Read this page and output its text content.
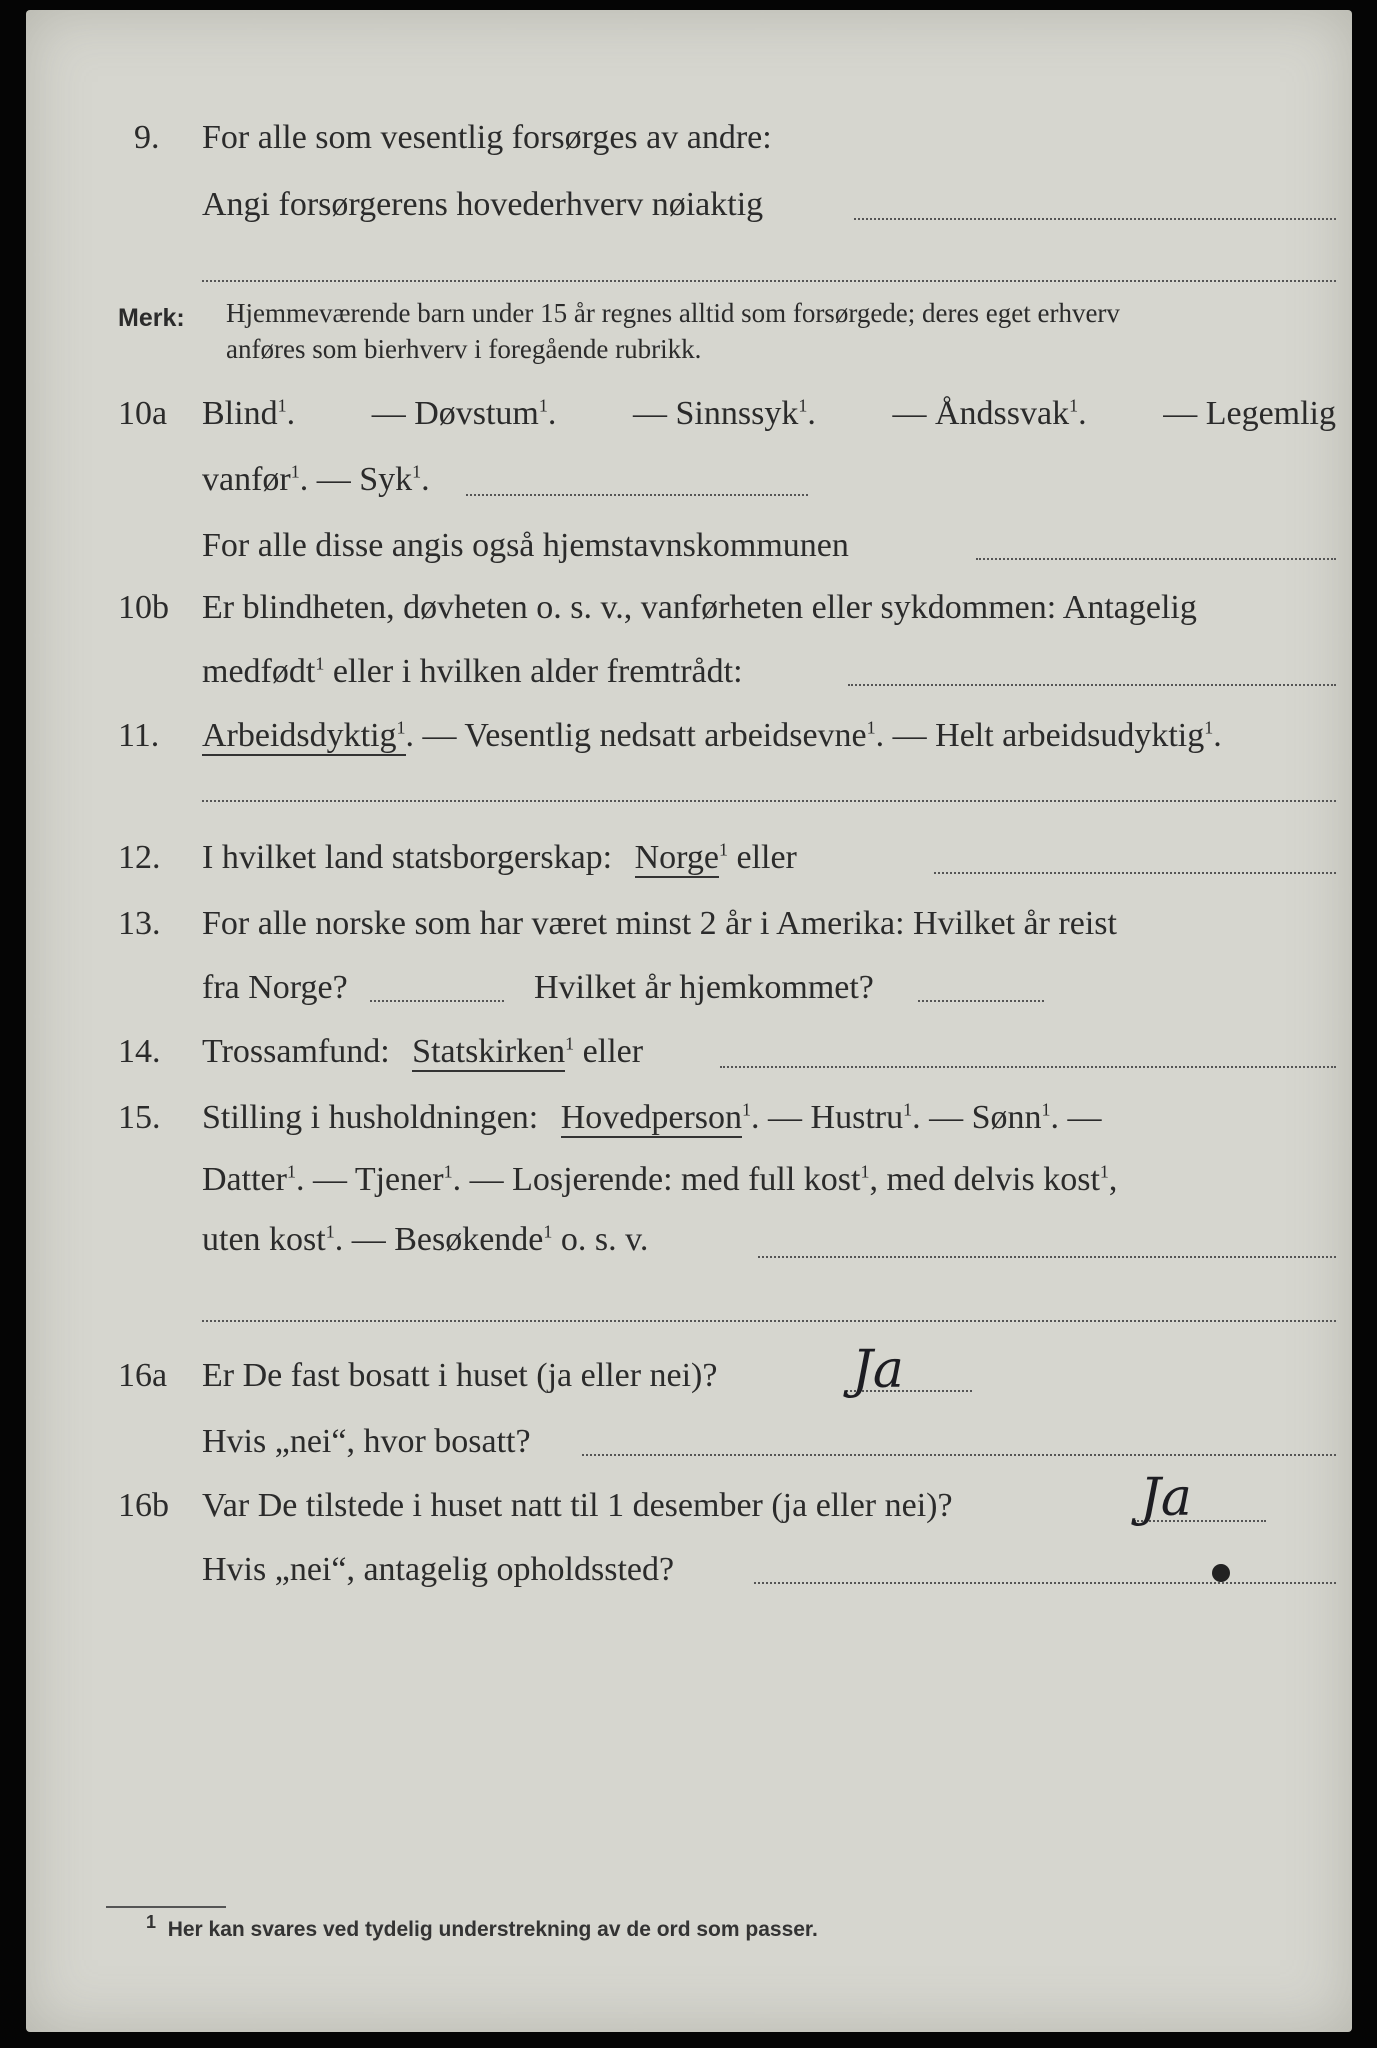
9. For alle som vesentlig forsørges av andre:
Angi forsørgerens hovederhverv nøiaktig
Merk: Hjemmeværende barn under 15 år regnes alltid som forsørgede; deres eget erhverv
anføres som bierhverv i foregående rubrikk.
10a Blind$^1$. — Døvstum$^1$. — Sinnssyk$^1$. — Åndssvak$^1$. — Legemlig
vanfør$^1$. — Syk$^1$.
For alle disse angis også hjemstavnskommunen
10b Er blindheten, døvheten o. s. v., vanførheten eller sykdommen: Antagelig
medfødt$^1$ eller i hvilken alder fremtrådt:
11. Arbeidsdyktig$^1$. — Vesentlig nedsatt arbeidsevne$^1$. — Helt arbeidsudyktig$^1$.
12. I hvilket land statsborgerskap: Norge$^1$ eller
13. For alle norske som har været minst 2 år i Amerika: Hvilket år reist
fra Norge?	Hvilket år hjemkommet?
14. Trossamfund: Statskirken$^1$ eller
15. Stilling i husholdningen: Hovedperson$^1$. — Hustru$^1$. — Sønn$^1$. —
Datter$^1$. — Tjener$^1$. — Losjerende: med full kost$^1$, med delvis kost$^1$,
uten kost$^1$. — Besøkende$^1$ o. s. v.
16a Er De fast bosatt i huset (ja eller nei)?	Ja
Hvis „nei“, hvor bosatt?
16b Var De tilstede i huset natt til 1 desember (ja eller nei)?	Ja
Hvis „nei“, antagelig opholdssted?
1 Her kan svares ved tydelig understrekning av de ord som passer.
